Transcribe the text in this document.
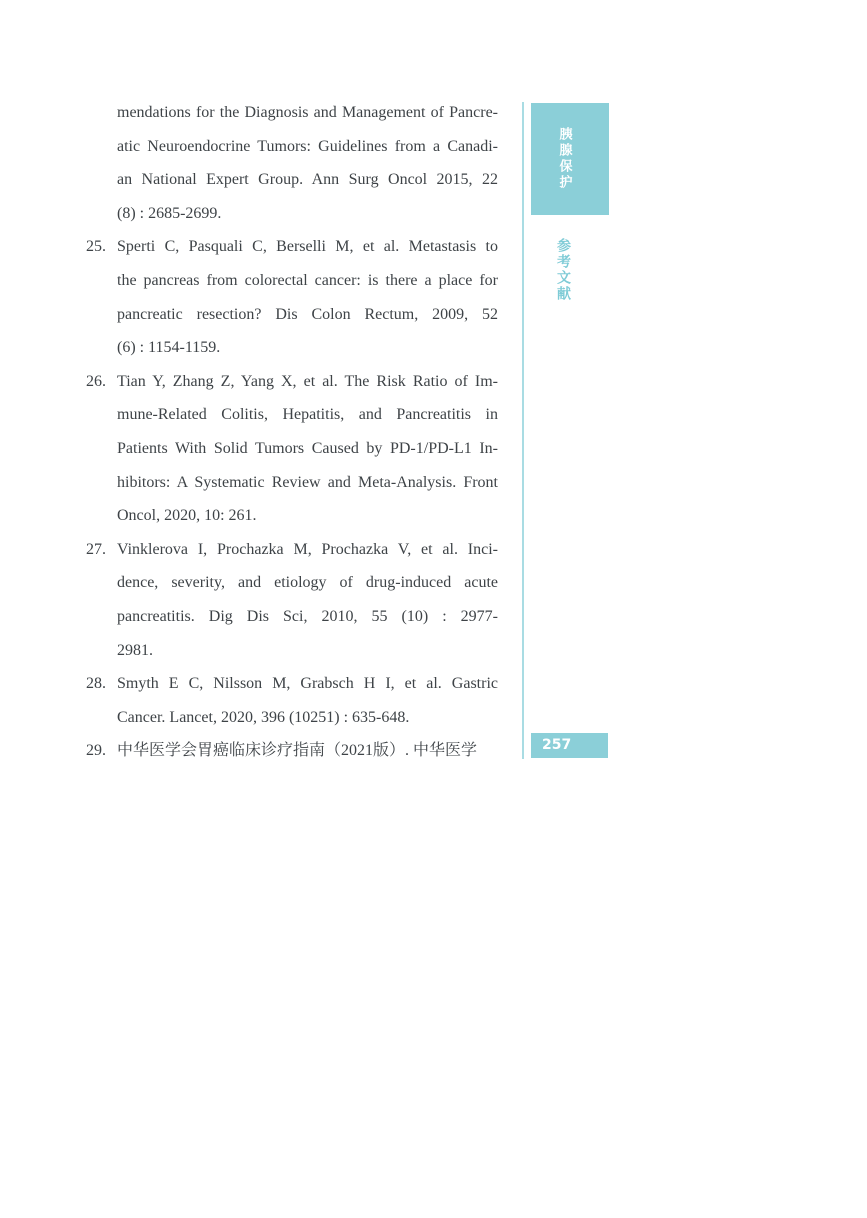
mendations for the Diagnosis and Management of Pancre-
atic Neuroendocrine Tumors: Guidelines from a Canadi-
an National Expert Group. Ann Surg Oncol 2015, 22
(8) : 2685-2699.
25. Sperti C, Pasquali C, Berselli M, et al. Metastasis to
the pancreas from colorectal cancer: is there a place for
pancreatic resection? Dis Colon Rectum, 2009, 52
(6) : 1154-1159.
26. Tian Y, Zhang Z, Yang X, et al. The Risk Ratio of Im-
mune-Related Colitis, Hepatitis, and Pancreatitis in
Patients With Solid Tumors Caused by PD-1/PD-L1 In-
hibitors: A Systematic Review and Meta-Analysis. Front
Oncol, 2020, 10: 261.
27. Vinklerova I, Prochazka M, Prochazka V, et al. Inci-
dence, severity, and etiology of drug-induced acute
pancreatitis. Dig Dis Sci, 2010, 55 (10) : 2977-
2981.
28. Smyth E C, Nilsson M, Grabsch H I, et al. Gastric
Cancer. Lancet, 2020, 396 (10251) : 635-648.
29. 中华医学会胃癌临床诊疗指南（2021版）. 中华医学
胰腺保护
参考文献
257
